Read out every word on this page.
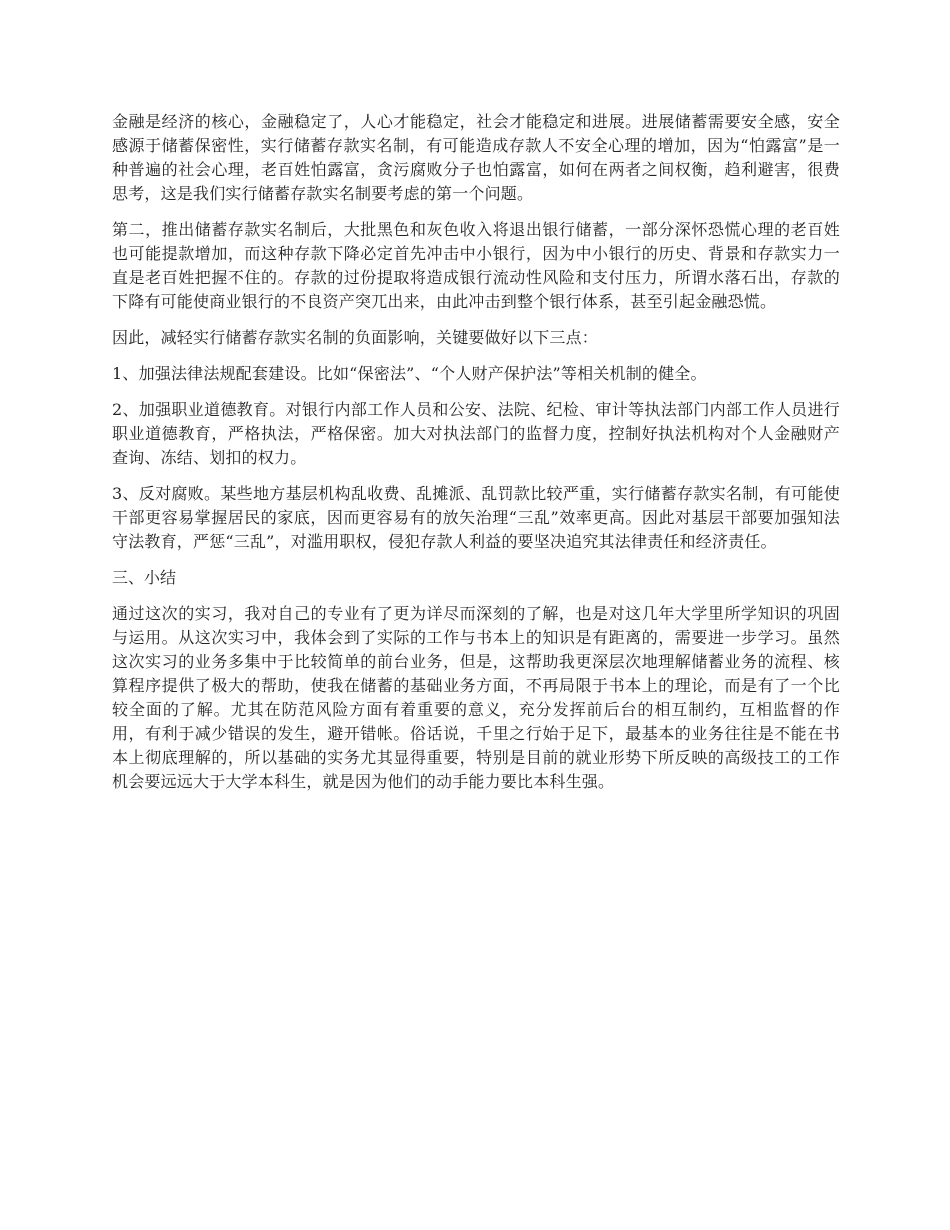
金融是经济的核心，金融稳定了，人心才能稳定，社会才能稳定和进展。进展储蓄需要安全感，安全感源于储蓄保密性，实行储蓄存款实名制，有可能造成存款人不安全心理的增加，因为“怕露富”是一种普遍的社会心理，老百姓怕露富，贪污腐败分子也怕露富，如何在两者之间权衡，趋利避害，很费思考，这是我们实行储蓄存款实名制要考虑的第一个问题。

第二，推出储蓄存款实名制后，大批黑色和灰色收入将退出银行储蓄，一部分深怀恐慌心理的老百姓也可能提款增加，而这种存款下降必定首先冲击中小银行，因为中小银行的历史、背景和存款实力一直是老百姓把握不住的。存款的过份提取将造成银行流动性风险和支付压力，所谓水落石出，存款的下降有可能使商业银行的不良资产突兀出来，由此冲击到整个银行体系，甚至引起金融恐慌。

因此，减轻实行储蓄存款实名制的负面影响，关键要做好以下三点：

1、加强法律法规配套建设。比如“保密法”、“个人财产保护法”等相关机制的健全。

2、加强职业道德教育。对银行内部工作人员和公安、法院、纪检、审计等执法部门内部工作人员进行职业道德教育，严格执法，严格保密。加大对执法部门的监督力度，控制好执法机构对个人金融财产查询、冻结、划扣的权力。

3、反对腐败。某些地方基层机构乱收费、乱摊派、乱罚款比较严重，实行储蓄存款实名制，有可能使干部更容易掌握居民的家底，因而更容易有的放矢治理“三乱”效率更高。因此对基层干部要加强知法守法教育，严惩“三乱”，对滥用职权，侵犯存款人利益的要坚决追究其法律责任和经济责任。

三、小结

通过这次的实习，我对自己的专业有了更为详尽而深刻的了解，也是对这几年大学里所学知识的巩固与运用。从这次实习中，我体会到了实际的工作与书本上的知识是有距离的，需要进一步学习。虽然这次实习的业务多集中于比较简单的前台业务，但是，这帮助我更深层次地理解储蓄业务的流程、核算程序提供了极大的帮助，使我在储蓄的基础业务方面，不再局限于书本上的理论，而是有了一个比较全面的了解。尤其在防范风险方面有着重要的意义，充分发挥前后台的相互制约，互相监督的作用，有利于减少错误的发生，避开错帐。俗话说，千里之行始于足下，最基本的业务往往是不能在书本上彻底理解的，所以基础的实务尤其显得重要，特别是目前的就业形势下所反映的高级技工的工作机会要远远大于大学本科生，就是因为他们的动手能力要比本科生强。
